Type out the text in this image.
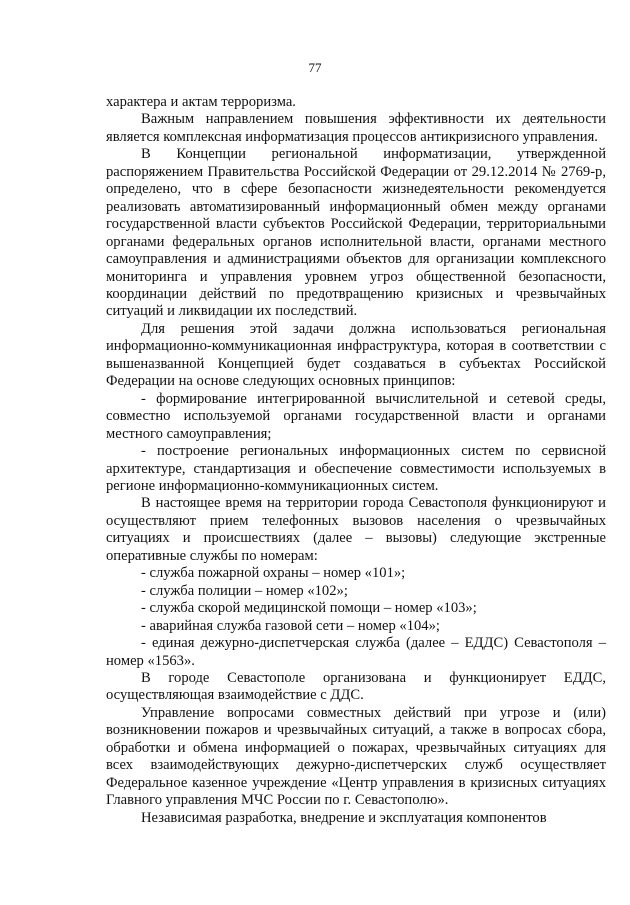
77

характера и актам терроризма.

Важным направлением повышения эффективности их деятельности является комплексная информатизация процессов антикризисного управления.

В Концепции региональной информатизации, утвержденной распоряжением Правительства Российской Федерации от 29.12.2014 № 2769-р, определено, что в сфере безопасности жизнедеятельности рекомендуется реализовать автоматизированный информационный обмен между органами государственной власти субъектов Российской Федерации, территориальными органами федеральных органов исполнительной власти, органами местного самоуправления и администрациями объектов для организации комплексного мониторинга и управления уровнем угроз общественной безопасности, координации действий по предотвращению кризисных и чрезвычайных ситуаций и ликвидации их последствий.

Для решения этой задачи должна использоваться региональная информационно-коммуникационная инфраструктура, которая в соответствии с вышеназванной Концепцией будет создаваться в субъектах Российской Федерации на основе следующих основных принципов:

- формирование интегрированной вычислительной и сетевой среды, совместно используемой органами государственной власти и органами местного самоуправления;

- построение региональных информационных систем по сервисной архитектуре, стандартизация и обеспечение совместимости используемых в регионе информационно-коммуникационных систем.

В настоящее время на территории города Севастополя функционируют и осуществляют прием телефонных вызовов населения о чрезвычайных ситуациях и происшествиях (далее – вызовы) следующие экстренные оперативные службы по номерам:

- служба пожарной охраны – номер «101»;

- служба полиции – номер «102»;

- служба скорой медицинской помощи – номер «103»;

- аварийная служба газовой сети – номер «104»;

- единая дежурно-диспетчерская служба (далее – ЕДДС) Севастополя – номер «1563».

В городе Севастополе организована и функционирует ЕДДС, осуществляющая взаимодействие с ДДС.

Управление вопросами совместных действий при угрозе и (или) возникновении пожаров и чрезвычайных ситуаций, а также в вопросах сбора, обработки и обмена информацией о пожарах, чрезвычайных ситуациях для всех взаимодействующих дежурно-диспетчерских служб осуществляет Федеральное казенное учреждение «Центр управления в кризисных ситуациях Главного управления МЧС России по г. Севастополю».

Независимая разработка, внедрение и эксплуатация компонентов
